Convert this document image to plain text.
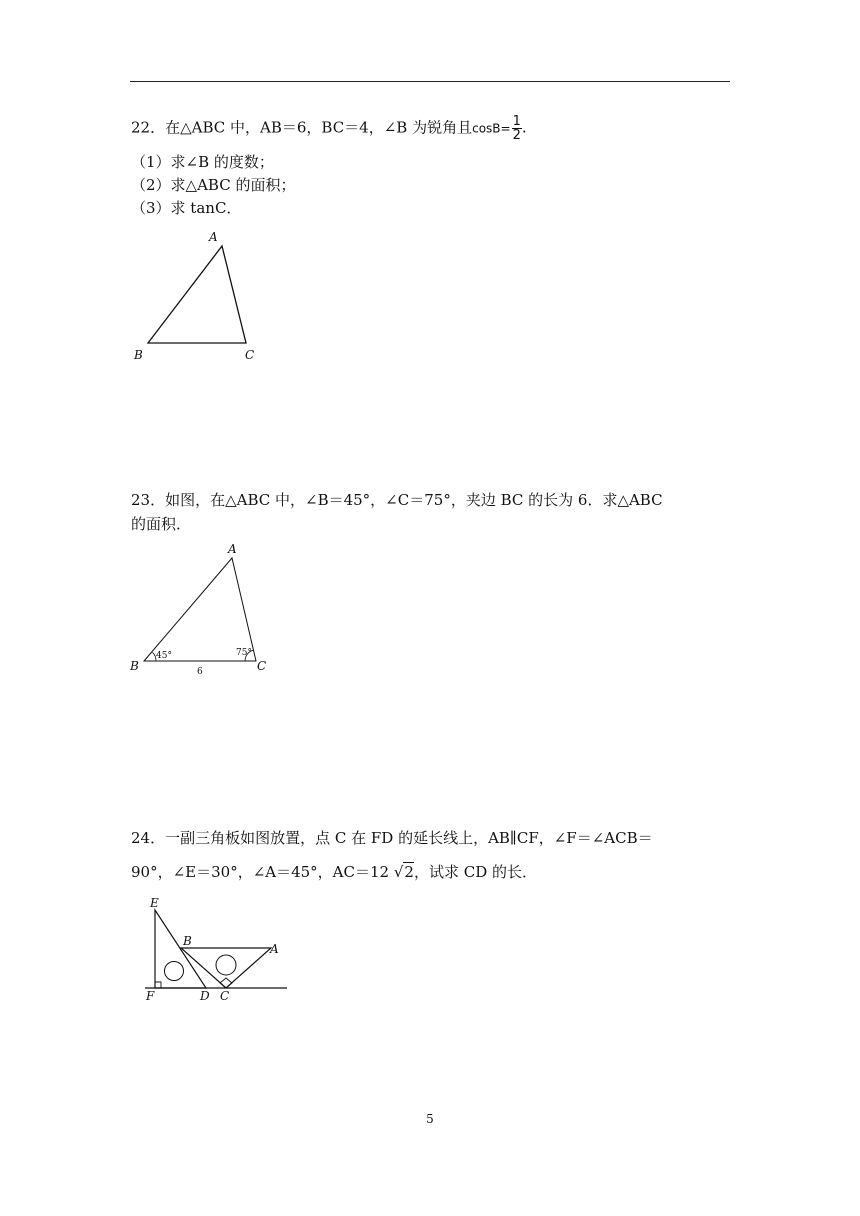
22．在△ABC 中，AB＝6，BC＝4，∠B 为锐角且$\cos B= \frac{1}{2}$ .
（1）求∠B 的度数；
（2）求△ABC 的面积；
（3）求 tanC．
A
B	C
23．如图，在△ABC 中，∠B＝45°，∠C＝75°，夹边 BC 的长为 6．求△ABC
的面积．
A
B	C
45°	75°
6
24．一副三角板如图放置，点 C 在 FD 的延长线上，AB∥CF，∠F＝∠ACB＝
90°，∠E＝30°，∠A＝45°，AC＝12 √2，试求 CD 的长．
E
B
A
F	D C
5
